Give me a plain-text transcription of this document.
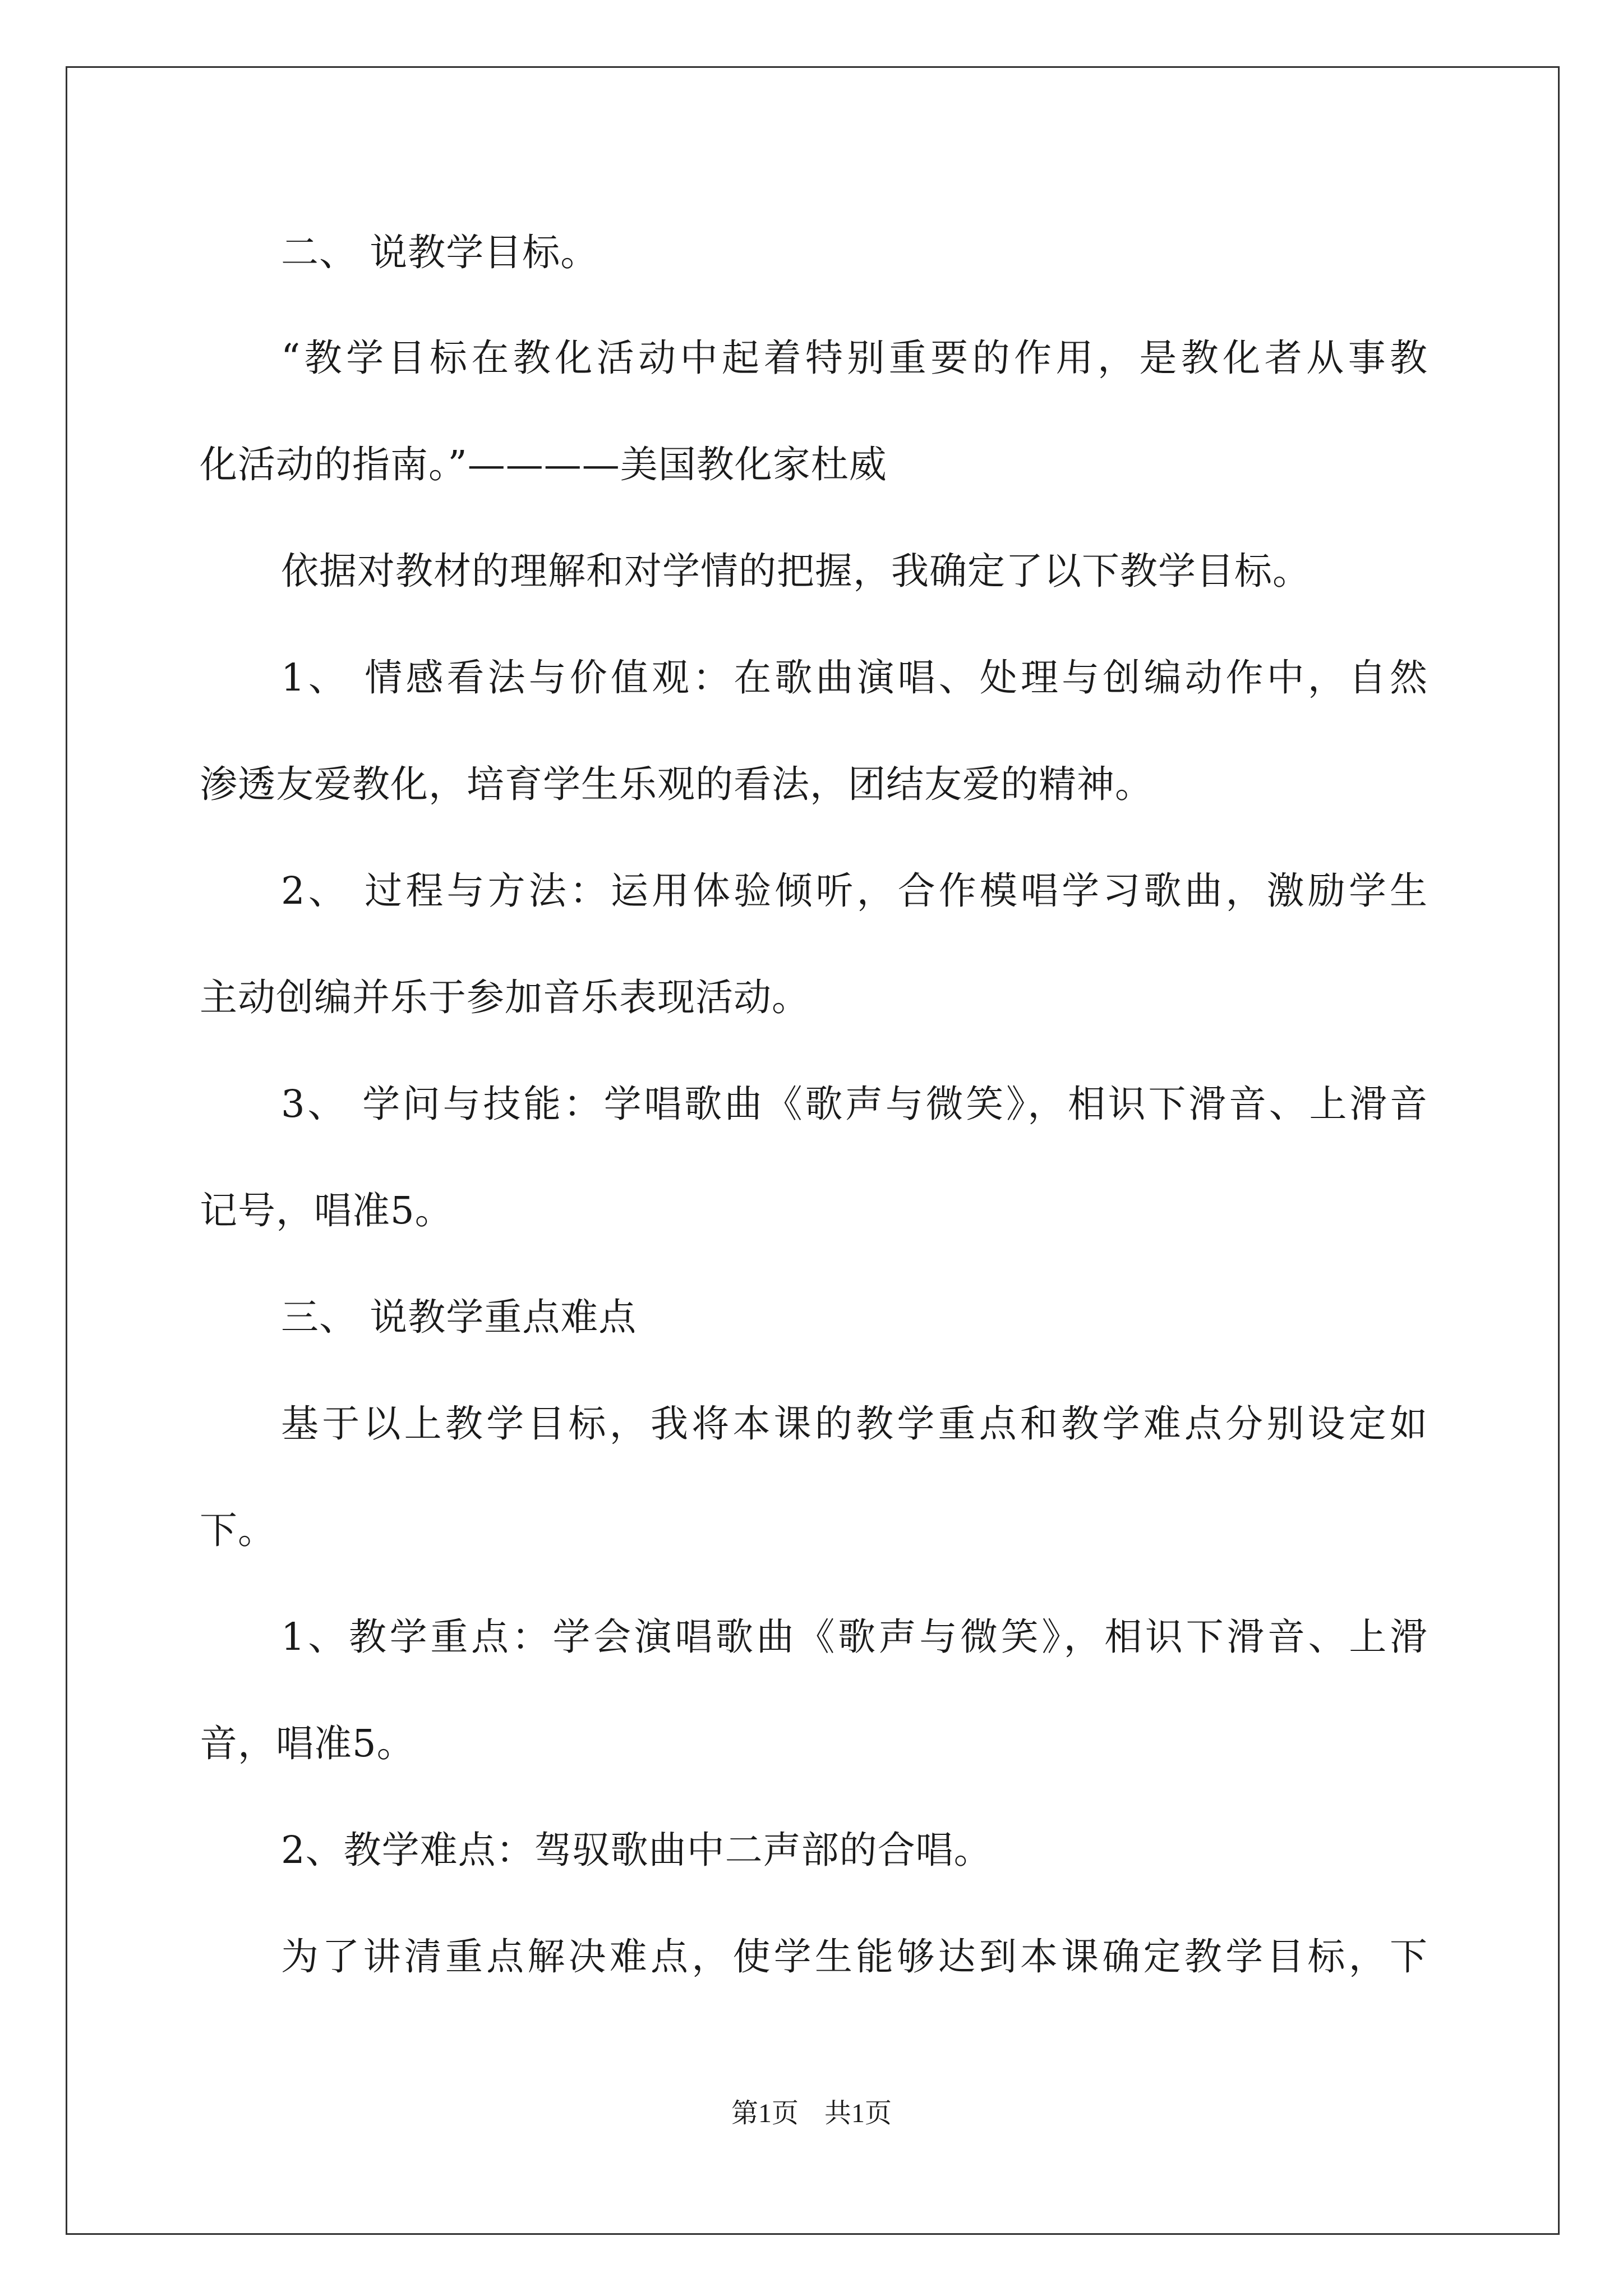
二、 说教学目标。
“教学目标在教化活动中起着特别重要的作用，是教化者从事教
化活动的指南。”————美国教化家杜威
依据对教材的理解和对学情的把握，我确定了以下教学目标。
1、 情感看法与价值观：在歌曲演唱、处理与创编动作中，自然
渗透友爱教化，培育学生乐观的看法，团结友爱的精神。
2、 过程与方法：运用体验倾听，合作模唱学习歌曲，激励学生
主动创编并乐于参加音乐表现活动。
3、 学问与技能：学唱歌曲《歌声与微笑》，相识下滑音、上滑音
记号，唱准5。
三、 说教学重点难点
基于以上教学目标，我将本课的教学重点和教学难点分别设定如
下。
1、教学重点：学会演唱歌曲《歌声与微笑》，相识下滑音、上滑
音，唱准5。
2、教学难点：驾驭歌曲中二声部的合唱。
为了讲清重点解决难点，使学生能够达到本课确定教学目标，下
第1页 共1页
